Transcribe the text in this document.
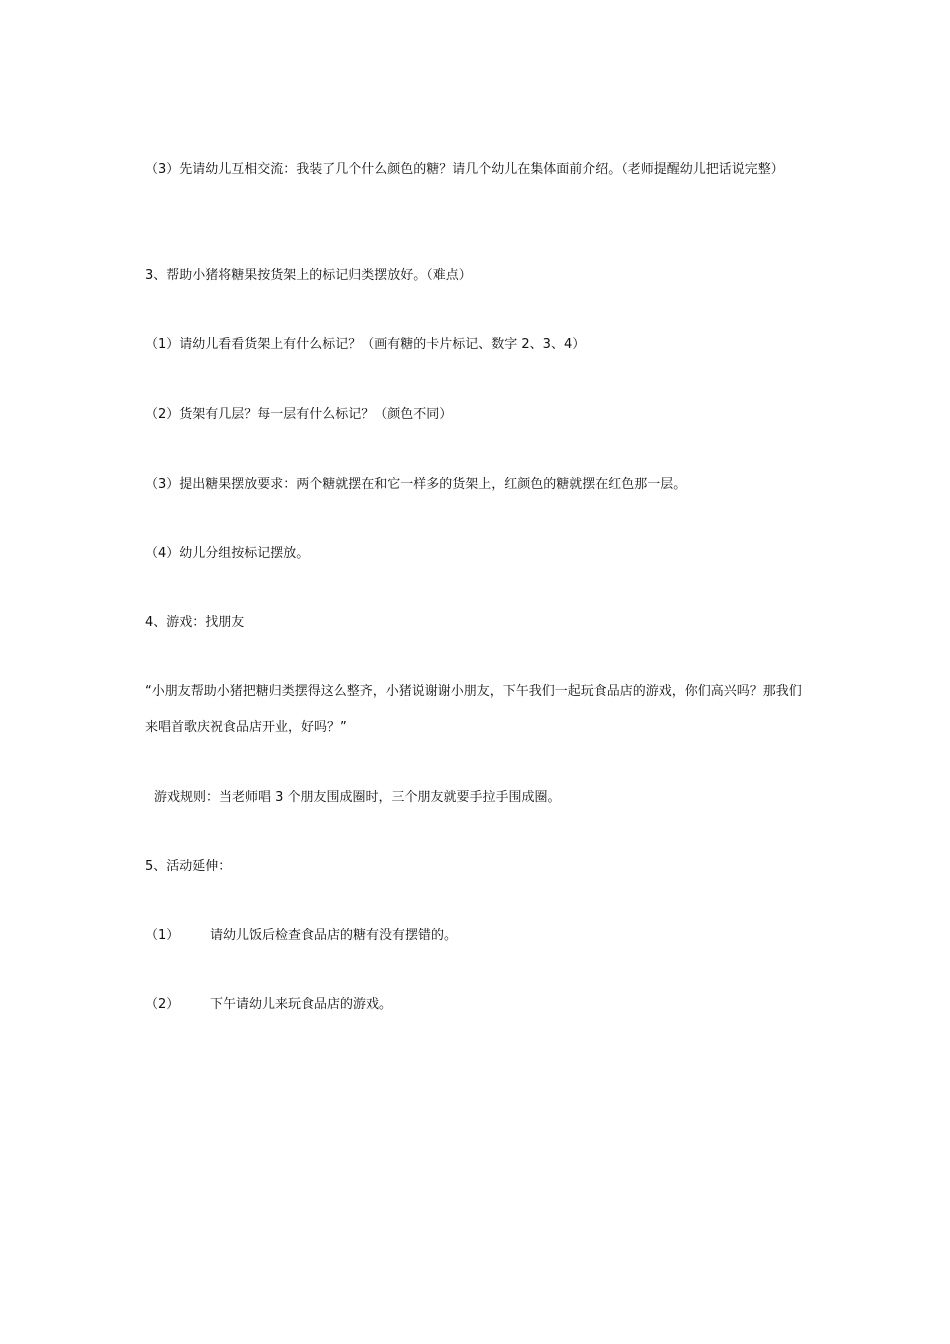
（3）先请幼儿互相交流：我装了几个什么颜色的糖？请几个幼儿在集体面前介绍。（老师提醒幼儿把话说完整）

3、帮助小猪将糖果按货架上的标记归类摆放好。（难点）

（1）请幼儿看看货架上有什么标记？（画有糖的卡片标记、数字 2、3、4）

（2）货架有几层？每一层有什么标记？（颜色不同）

（3）提出糖果摆放要求：两个糖就摆在和它一样多的货架上，红颜色的糖就摆在红色那一层。

（4）幼儿分组按标记摆放。

4、游戏：找朋友

“小朋友帮助小猪把糖归类摆得这么整齐，小猪说谢谢小朋友，下午我们一起玩食品店的游戏，你们高兴吗？那我们来唱首歌庆祝食品店开业，好吗？”

游戏规则：当老师唱 3 个朋友围成圈时，三个朋友就要手拉手围成圈。

5、活动延伸：

（1） 请幼儿饭后检查食品店的糖有没有摆错的。

（2） 下午请幼儿来玩食品店的游戏。
